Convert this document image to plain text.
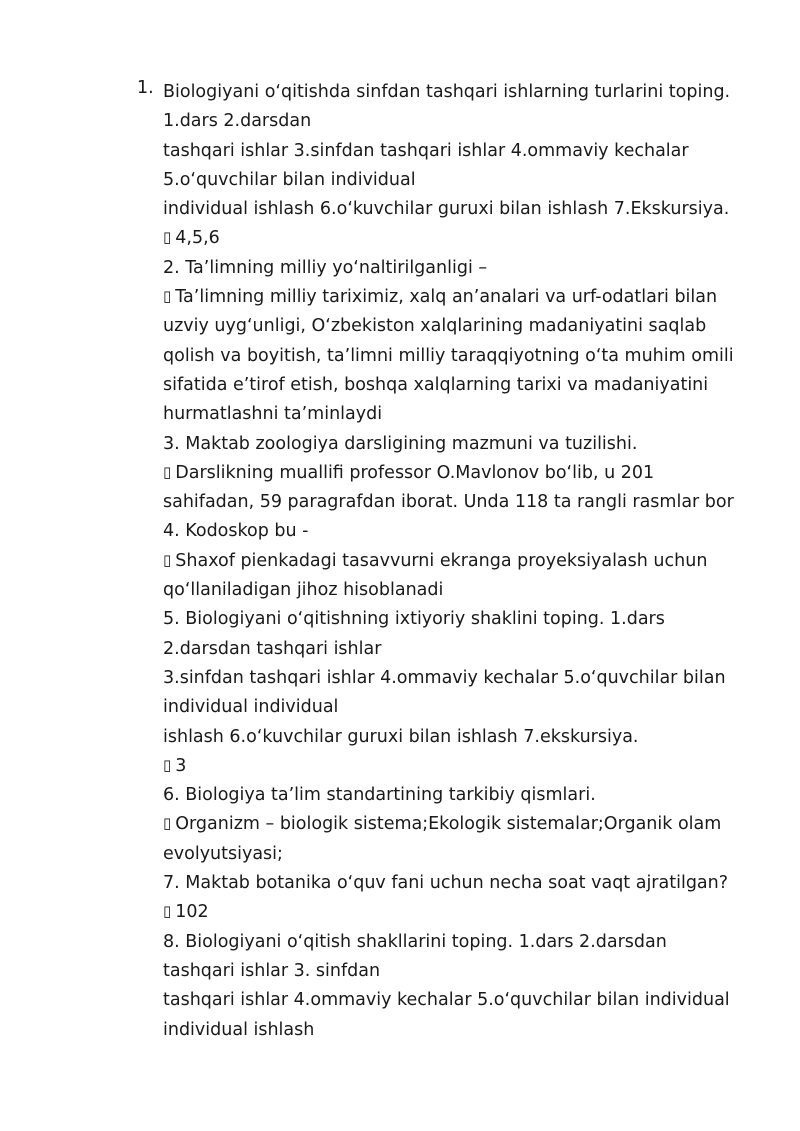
1. Biologiyani o‘qitishda sinfdan tashqari ishlarning turlarini toping.
1.dars 2.darsdan
tashqari ishlar 3.sinfdan tashqari ishlar 4.ommaviy kechalar
5.o‘quvchilar bilan individual
individual ishlash 6.o‘kuvchilar guruxi bilan ishlash 7.Ekskursiya.
▯ 4,5,6
2. Ta’limning milliy yo‘naltirilganligi –
▯ Ta’limning milliy tariximiz, xalq an’analari va urf-odatlari bilan
uzviy uyg‘unligi, O‘zbekiston xalqlarining madaniyatini saqlab
qolish va boyitish, ta’limni milliy taraqqiyotning o‘ta muhim omili
sifatida e’tirof etish, boshqa xalqlarning tarixi va madaniyatini
hurmatlashni ta’minlaydi
3. Maktab zoologiya darsligining mazmuni va tuzilishi.
▯ Darslikning muallifi professor O.Mavlonov bo‘lib, u 201
sahifadan, 59 paragrafdan iborat. Unda 118 ta rangli rasmlar bor
4. Kodoskop bu -
▯ Shaxof pienkadagi tasavvurni ekranga proyeksiyalash uchun
qo‘llaniladigan jihoz hisoblanadi
5. Biologiyani o‘qitishning ixtiyoriy shaklini toping. 1.dars
2.darsdan tashqari ishlar
3.sinfdan tashqari ishlar 4.ommaviy kechalar 5.o‘quvchilar bilan
individual individual
ishlash 6.o‘kuvchilar guruxi bilan ishlash 7.ekskursiya.
▯ 3
6. Biologiya ta’lim standartining tarkibiy qismlari.
▯ Organizm – biologik sistema;Ekologik sistemalar;Organik olam
evolyutsiyasi;
7. Maktab botanika o‘quv fani uchun necha soat vaqt ajratilgan?
▯ 102
8. Biologiyani o‘qitish shakllarini toping. 1.dars 2.darsdan
tashqari ishlar 3. sinfdan
tashqari ishlar 4.ommaviy kechalar 5.o‘quvchilar bilan individual
individual ishlash
